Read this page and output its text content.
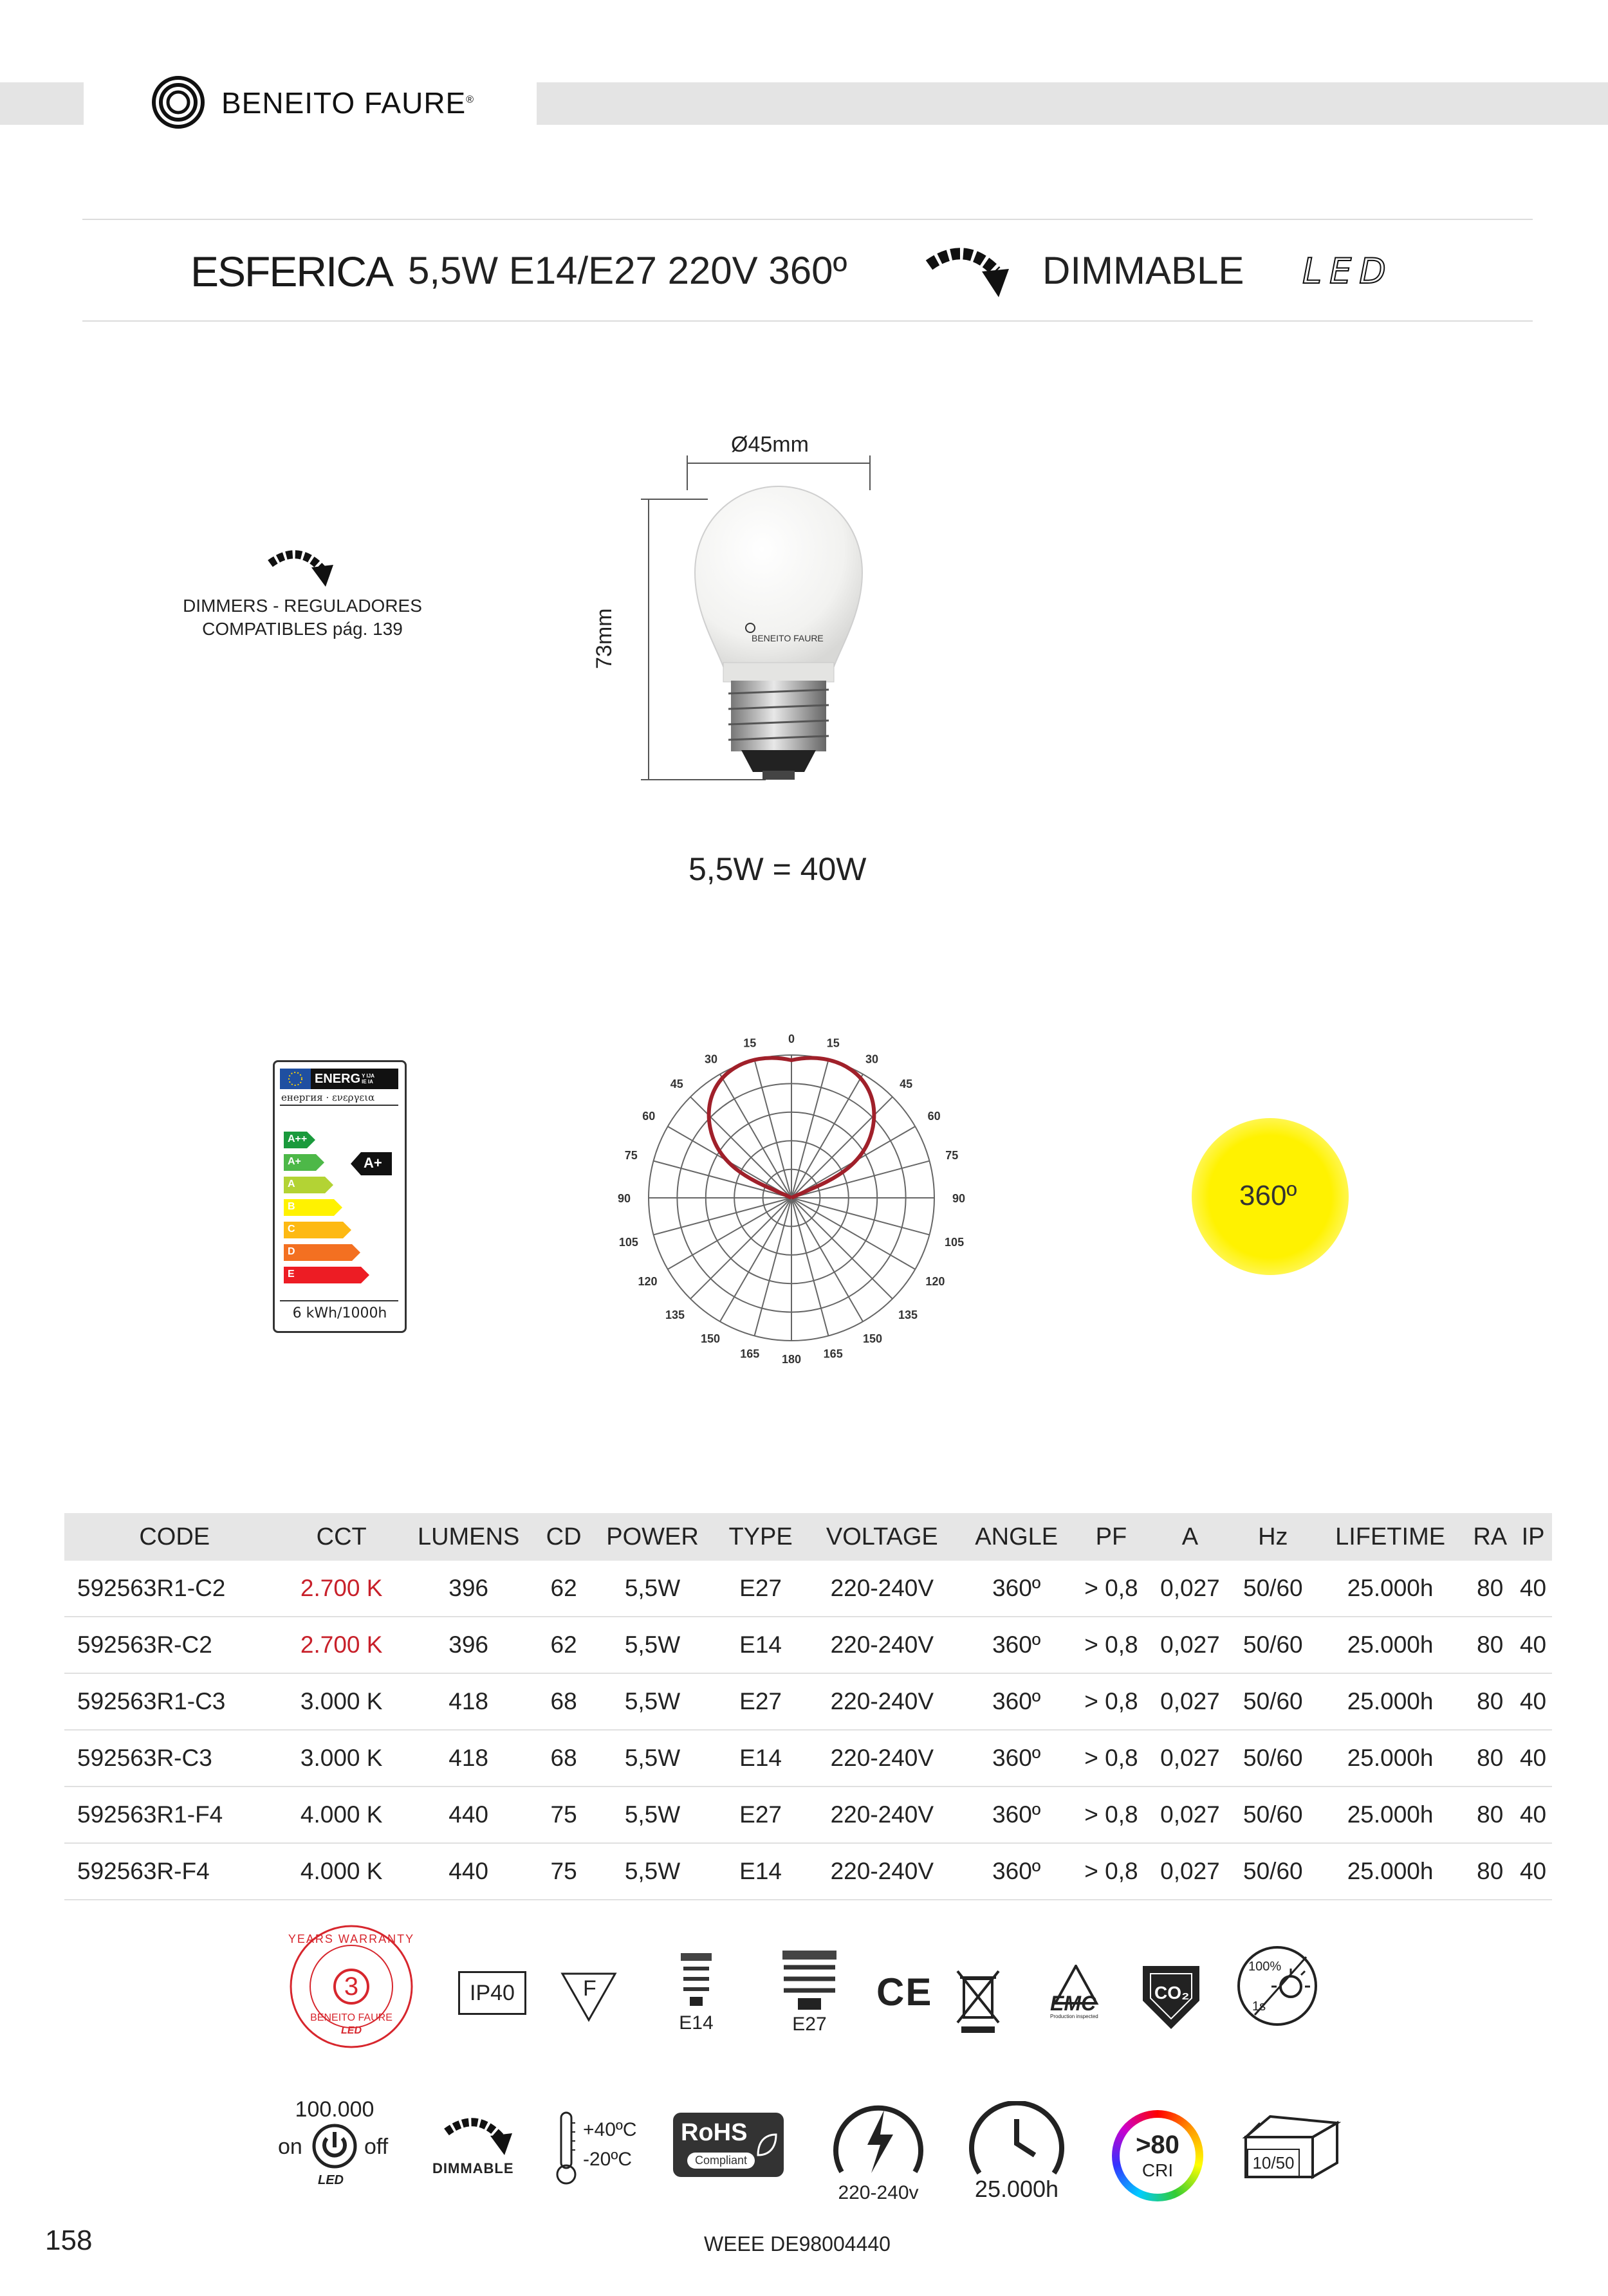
BENEITO FAURE®
ESFERICA 5,5W E14/E27 220V 360º	DIMMABLE LED
DIMMERS - REGULADORES
COMPATIBLES pág. 139
Ø45mm
BENEITO FAURE
73mm
5,5W = 40W
ENERG Y IJA IE IA
енергия · ενεργεια
A++
A+
A
B
C
D
E
A+
6 kWh/1000h
0
15	15
30	30
45	45
60	60
75	75
90	90
105	105
120	120
135	135
150	150
165	165
180
360º
CODE	CCT	LUMENS	CD	POWER	TYPE	VOLTAGE	ANGLE	PF	A	Hz	LIFETIME	RA	IP
592563R1-C2	2.700 K	396	62	5,5W	E27	220-240V	360º	> 0,8	0,027	50/60	25.000h	80	40
592563R-C2	2.700 K	396	62	5,5W	E14	220-240V	360º	> 0,8	0,027	50/60	25.000h	80	40
592563R1-C3	3.000 K	418	68	5,5W	E27	220-240V	360º	> 0,8	0,027	50/60	25.000h	80	40
592563R-C3	3.000 K	418	68	5,5W	E14	220-240V	360º	> 0,8	0,027	50/60	25.000h	80	40
592563R1-F4	4.000 K	440	75	5,5W	E27	220-240V	360º	> 0,8	0,027	50/60	25.000h	80	40
592563R-F4	4.000 K	440	75	5,5W	E14	220-240V	360º	> 0,8	0,027	50/60	25.000h	80	40
YEARS WARRANTY
3
BENEITO FAURE
LED
IP40	F
E14	E27
CE	EMC
Production inspected
CO₂
100%
1s
100.000
on	off
LED
DIMMABLE
+40ºC
-20ºC
RoHS
Compliant
220-240v	25.000h
>80
CRI	10/50
158	WEEE DE98004440
